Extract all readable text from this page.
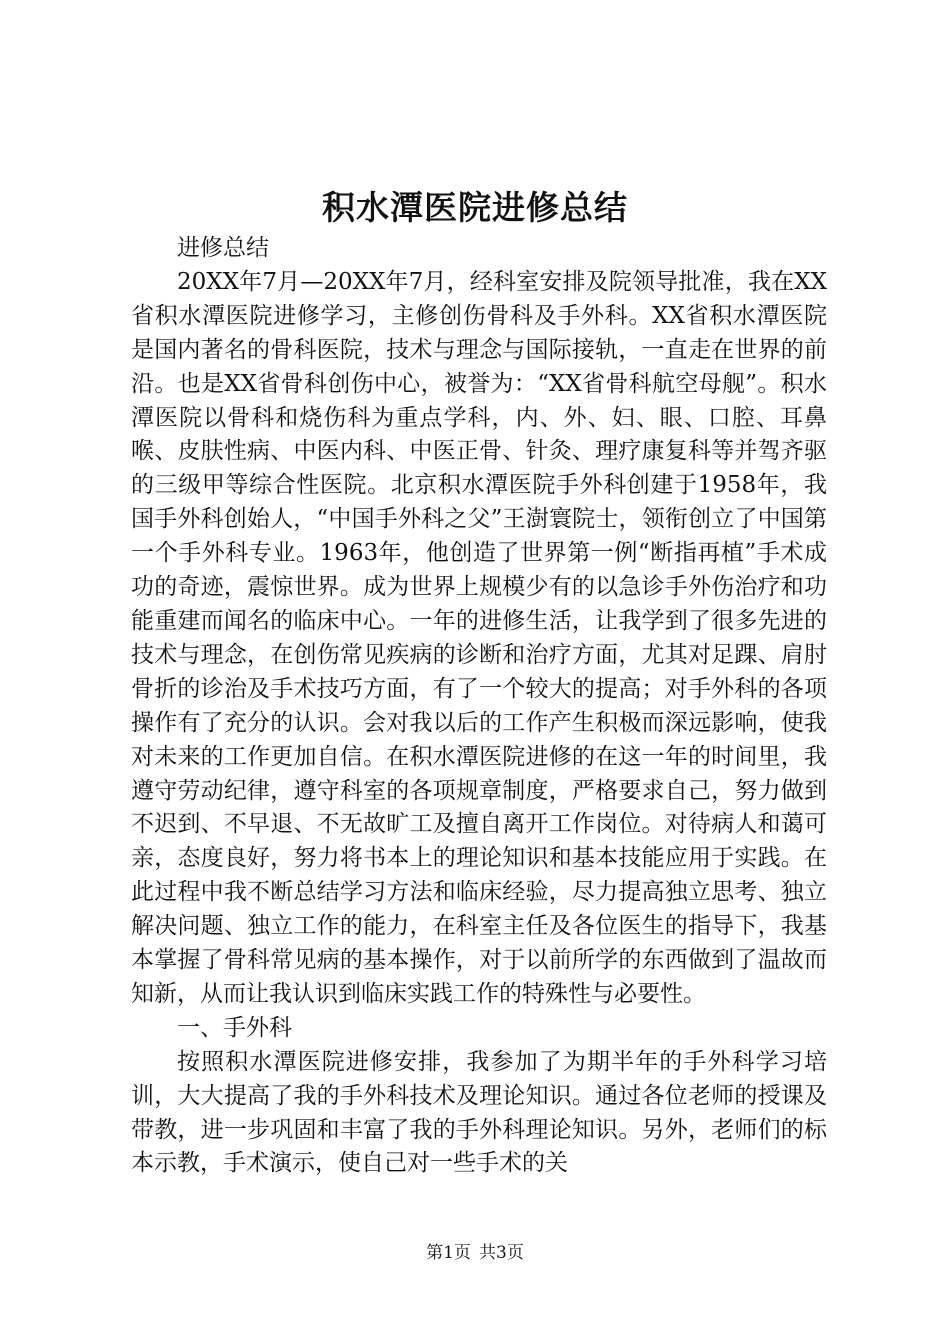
积水潭医院进修总结

进修总结

20XX年7月—20XX年7月，经科室安排及院领导批准，我在XX省积水潭医院进修学习，主修创伤骨科及手外科。XX省积水潭医院是国内著名的骨科医院，技术与理念与国际接轨，一直走在世界的前沿。也是XX省骨科创伤中心，被誉为：“XX省骨科航空母舰”。积水潭医院以骨科和烧伤科为重点学科，内、外、妇、眼、口腔、耳鼻喉、皮肤性病、中医内科、中医正骨、针灸、理疗康复科等并驾齐驱的三级甲等综合性医院。北京积水潭医院手外科创建于1958年，我国手外科创始人，“中国手外科之父”王澍寰院士，领衔创立了中国第一个手外科专业。1963年，他创造了世界第一例“断指再植”手术成功的奇迹，震惊世界。成为世界上规模少有的以急诊手外伤治疗和功能重建而闻名的临床中心。一年的进修生活，让我学到了很多先进的技术与理念，在创伤常见疾病的诊断和治疗方面，尤其对足踝、肩肘骨折的诊治及手术技巧方面，有了一个较大的提高；对手外科的各项操作有了充分的认识。会对我以后的工作产生积极而深远影响，使我对未来的工作更加自信。在积水潭医院进修的在这一年的时间里，我遵守劳动纪律，遵守科室的各项规章制度，严格要求自己，努力做到不迟到、不早退、不无故旷工及擅自离开工作岗位。对待病人和蔼可亲，态度良好，努力将书本上的理论知识和基本技能应用于实践。在此过程中我不断总结学习方法和临床经验，尽力提高独立思考、独立解决问题、独立工作的能力，在科室主任及各位医生的指导下，我基本掌握了骨科常见病的基本操作，对于以前所学的东西做到了温故而知新，从而让我认识到临床实践工作的特殊性与必要性。

一、手外科

按照积水潭医院进修安排，我参加了为期半年的手外科学习培训，大大提高了我的手外科技术及理论知识。通过各位老师的授课及带教，进一步巩固和丰富了我的手外科理论知识。另外，老师们的标本示教，手术演示，使自己对一些手术的关

第1页 共3页
